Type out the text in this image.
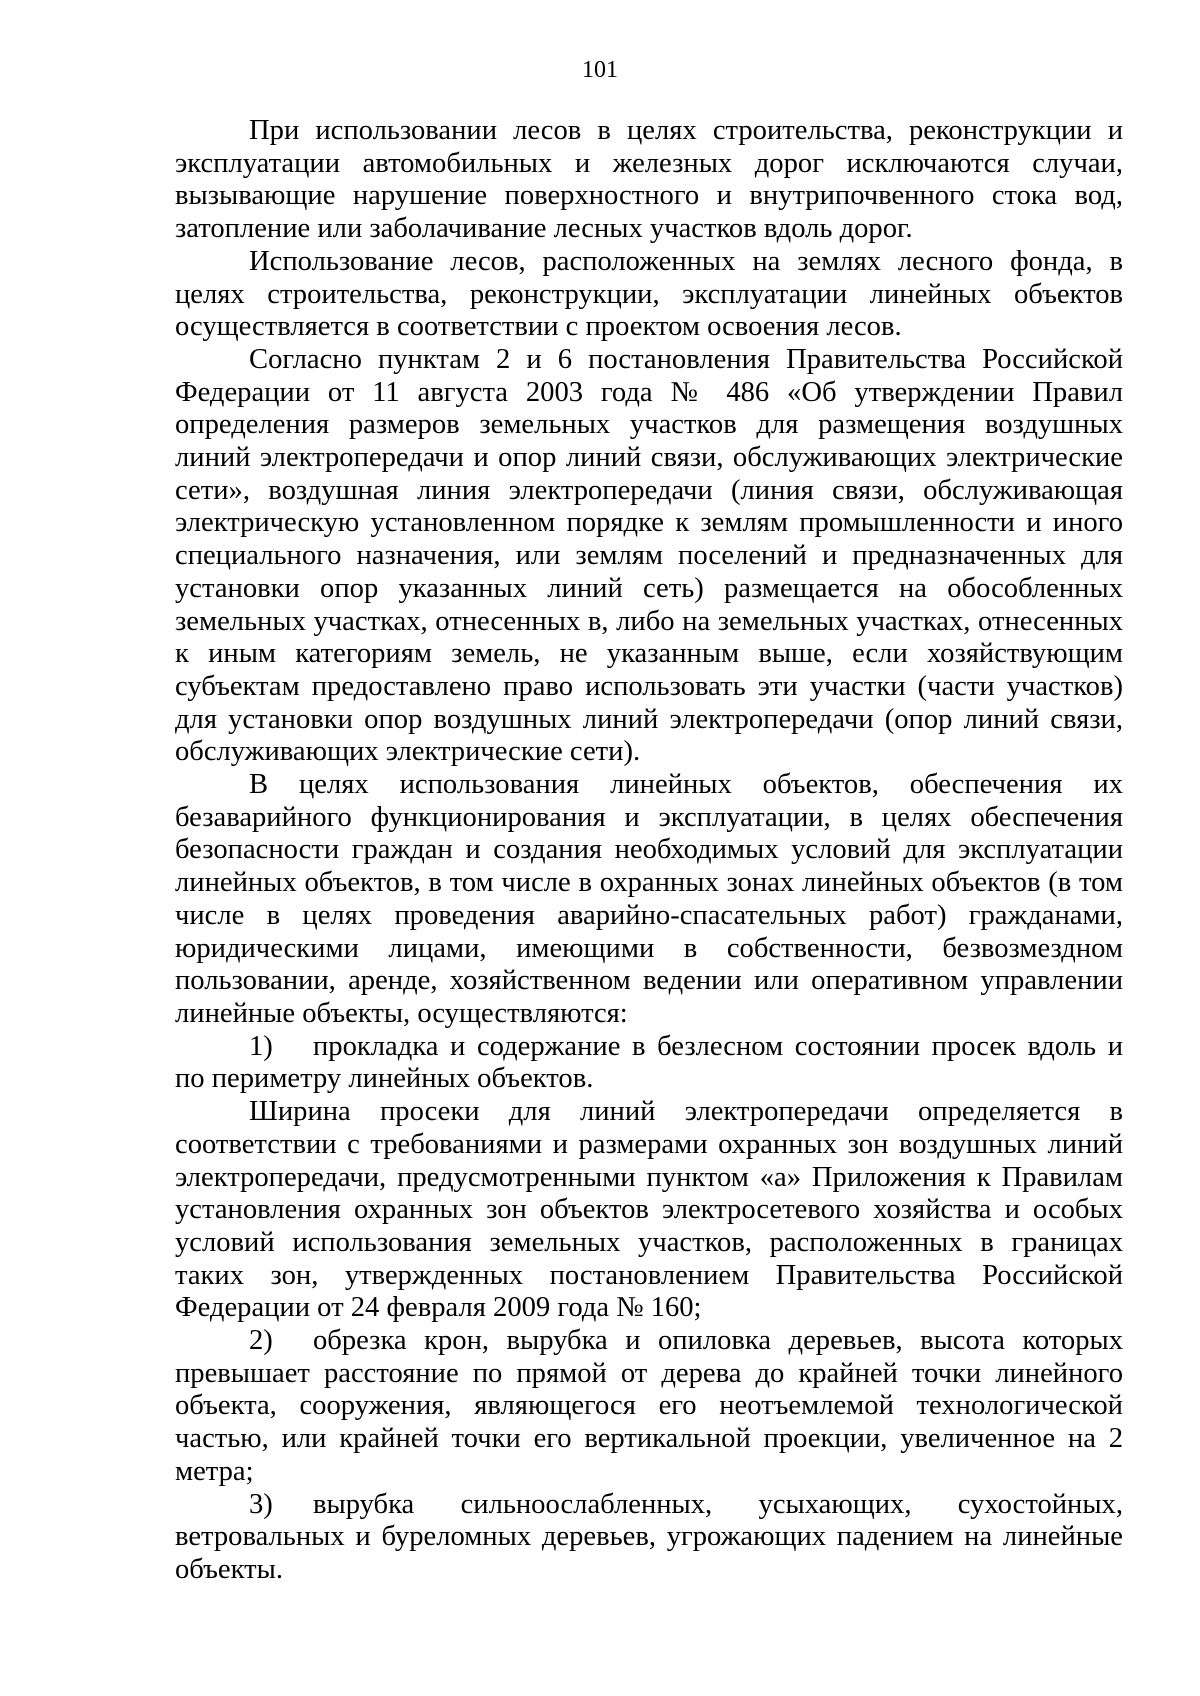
101

При использовании лесов в целях строительства, реконструкции и эксплуатации автомобильных и железных дорог исключаются случаи, вызывающие нарушение поверхностного и внутрипочвенного стока вод, затопление или заболачивание лесных участков вдоль дорог.

Использование лесов, расположенных на землях лесного фонда, в целях строительства, реконструкции, эксплуатации линейных объектов осуществляется в соответствии с проектом освоения лесов.

Согласно пунктам 2 и 6 постановления Правительства Российской Федерации от 11 августа 2003 года № 486 «Об утверждении Правил определения размеров земельных участков для размещения воздушных линий электропередачи и опор линий связи, обслуживающих электрические сети», воздушная линия электропередачи (линия связи, обслуживающая электрическую установленном порядке к землям промышленности и иного специального назначения, или землям поселений и предназначенных для установки опор указанных линий сеть) размещается на обособленных земельных участках, отнесенных в, либо на земельных участках, отнесенных к иным категориям земель, не указанным выше, если хозяйствующим субъектам предоставлено право использовать эти участки (части участков) для установки опор воздушных линий электропередачи (опор линий связи, обслуживающих электрические сети).

В целях использования линейных объектов, обеспечения их безаварийного функционирования и эксплуатации, в целях обеспечения безопасности граждан и создания необходимых условий для эксплуатации линейных объектов, в том числе в охранных зонах линейных объектов (в том числе в целях проведения аварийно-спасательных работ) гражданами, юридическими лицами, имеющими в собственности, безвозмездном пользовании, аренде, хозяйственном ведении или оперативном управлении линейные объекты, осуществляются:

1) прокладка и содержание в безлесном состоянии просек вдоль и по периметру линейных объектов.

Ширина просеки для линий электропередачи определяется в соответствии с требованиями и размерами охранных зон воздушных линий электропередачи, предусмотренными пунктом «а» Приложения к Правилам установления охранных зон объектов электросетевого хозяйства и особых условий использования земельных участков, расположенных в границах таких зон, утвержденных постановлением Правительства Российской Федерации от 24 февраля 2009 года № 160;

2) обрезка крон, вырубка и опиловка деревьев, высота которых превышает расстояние по прямой от дерева до крайней точки линейного объекта, сооружения, являющегося его неотъемлемой технологической частью, или крайней точки его вертикальной проекции, увеличенное на 2 метра;

3) вырубка сильноослабленных, усыхающих, сухостойных, ветровальных и буреломных деревьев, угрожающих падением на линейные объекты.
